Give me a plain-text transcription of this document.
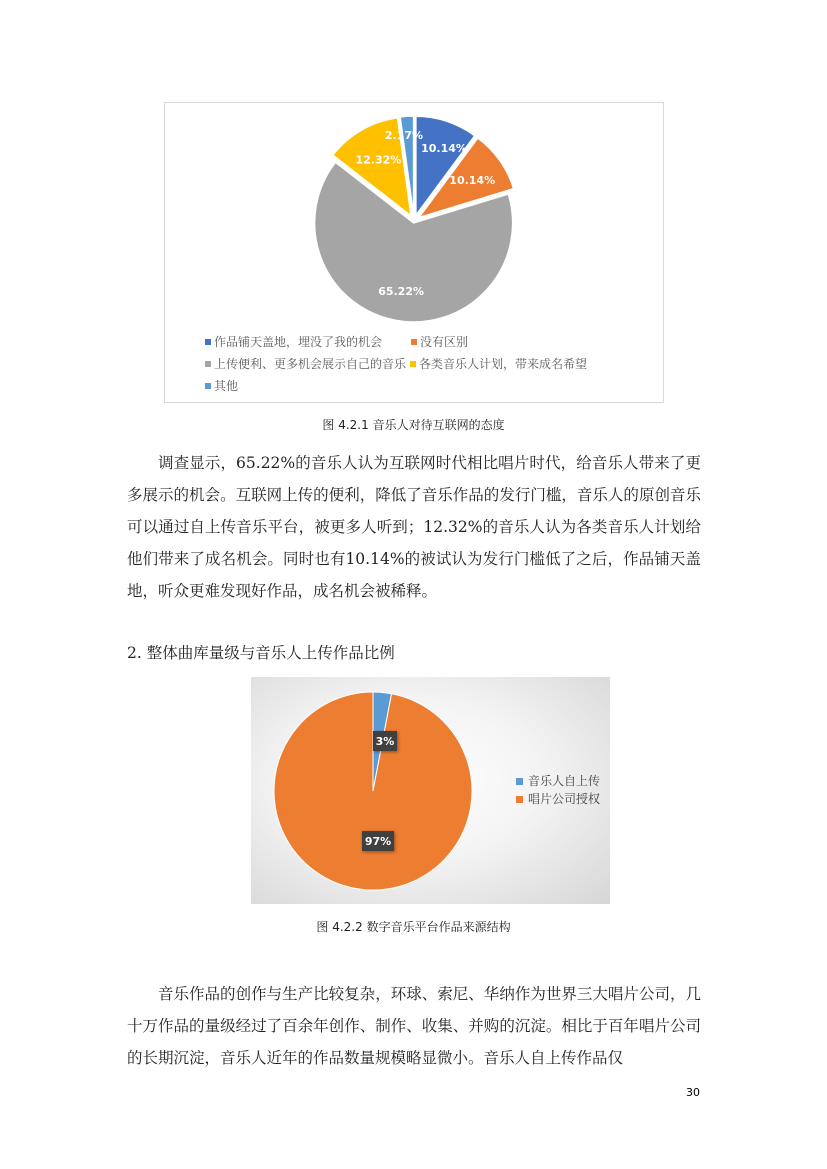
10.14%
10.14%
65.22%
12.32%
2.17%
作品铺天盖地，埋没了我的机会	没有区别
上传便利、更多机会展示自己的音乐 各类音乐人计划，带来成名希望
其他
图 4.2.1 音乐人对待互联网的态度
调查显示，65.22%的音乐人认为互联网时代相比唱片时代，给音乐人带来了更多展示的机会。互联网上传的便利，降低了音乐作品的发行门槛，音乐人的原创音乐可以通过自上传音乐平台，被更多人听到；12.32%的音乐人认为各类音乐人计划给他们带来了成名机会。同时也有10.14%的被试认为发行门槛低了之后，作品铺天盖地，听众更难发现好作品，成名机会被稀释。
2. 整体曲库量级与音乐人上传作品比例
3%
97%
音乐人自上传
唱片公司授权
图 4.2.2 数字音乐平台作品来源结构
音乐作品的创作与生产比较复杂，环球、索尼、华纳作为世界三大唱片公司，几十万作品的量级经过了百余年创作、制作、收集、并购的沉淀。相比于百年唱片公司的长期沉淀，音乐人近年的作品数量规模略显微小。音乐人自上传作品仅
30
